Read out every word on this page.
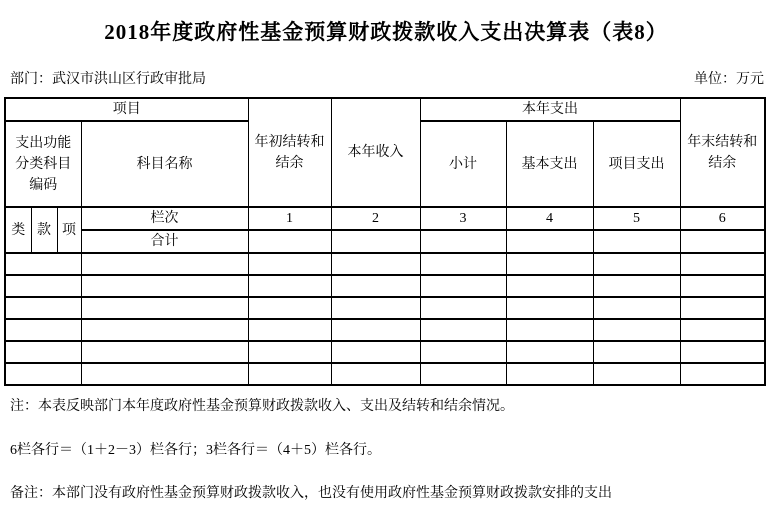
2018年度政府性基金预算财政拨款收入支出决算表（表8）
部门：武汉市洪山区行政审批局	单位：万元
项目				年初结转和结余	本年收入	本年支出			年末结转和结余
支出功能分类科目编码			科目名称			小计	基本支出	项目支出	
类	款	项	栏次	1	2	3	4	5	6
			合计						

注：本表反映部门本年度政府性基金预算财政拨款收入、支出及结转和结余情况。
6栏各行＝（1＋2－3）栏各行；3栏各行＝（4＋5）栏各行。
备注：本部门没有政府性基金预算财政拨款收入，也没有使用政府性基金预算财政拨款安排的支出
